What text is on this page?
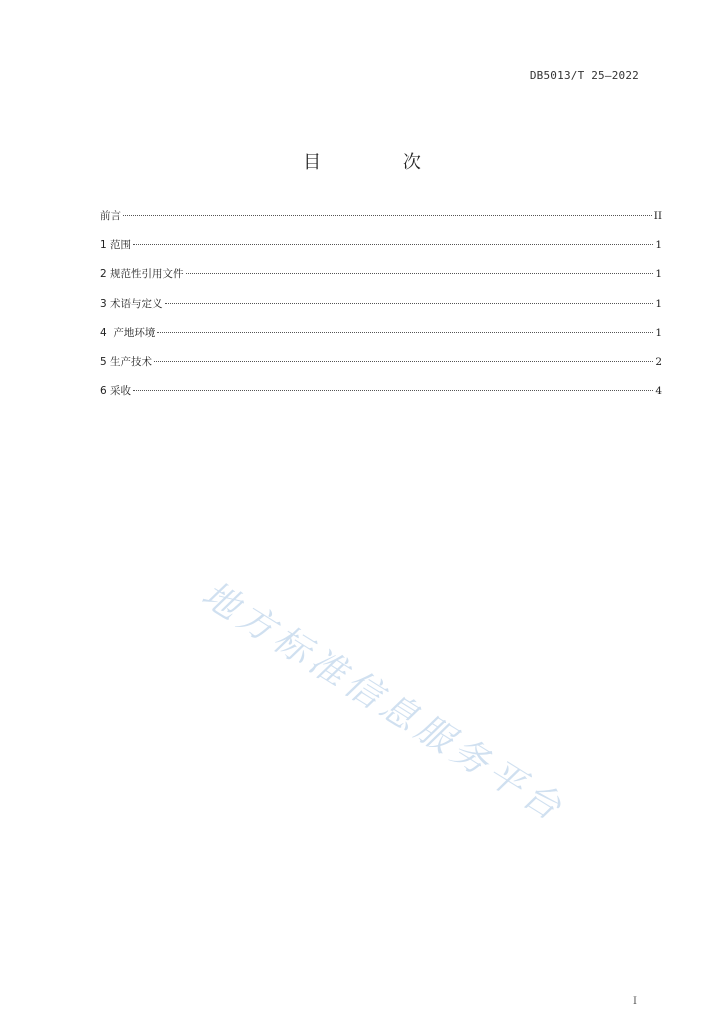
DB5013/T 25—2022
目 次
前言	II
1 范围	1
2 规范性引用文件	1
3 术语与定义	1
4  产地环境	1
5 生产技术	2
6 采收	4
地方标准信息服务平台
I
